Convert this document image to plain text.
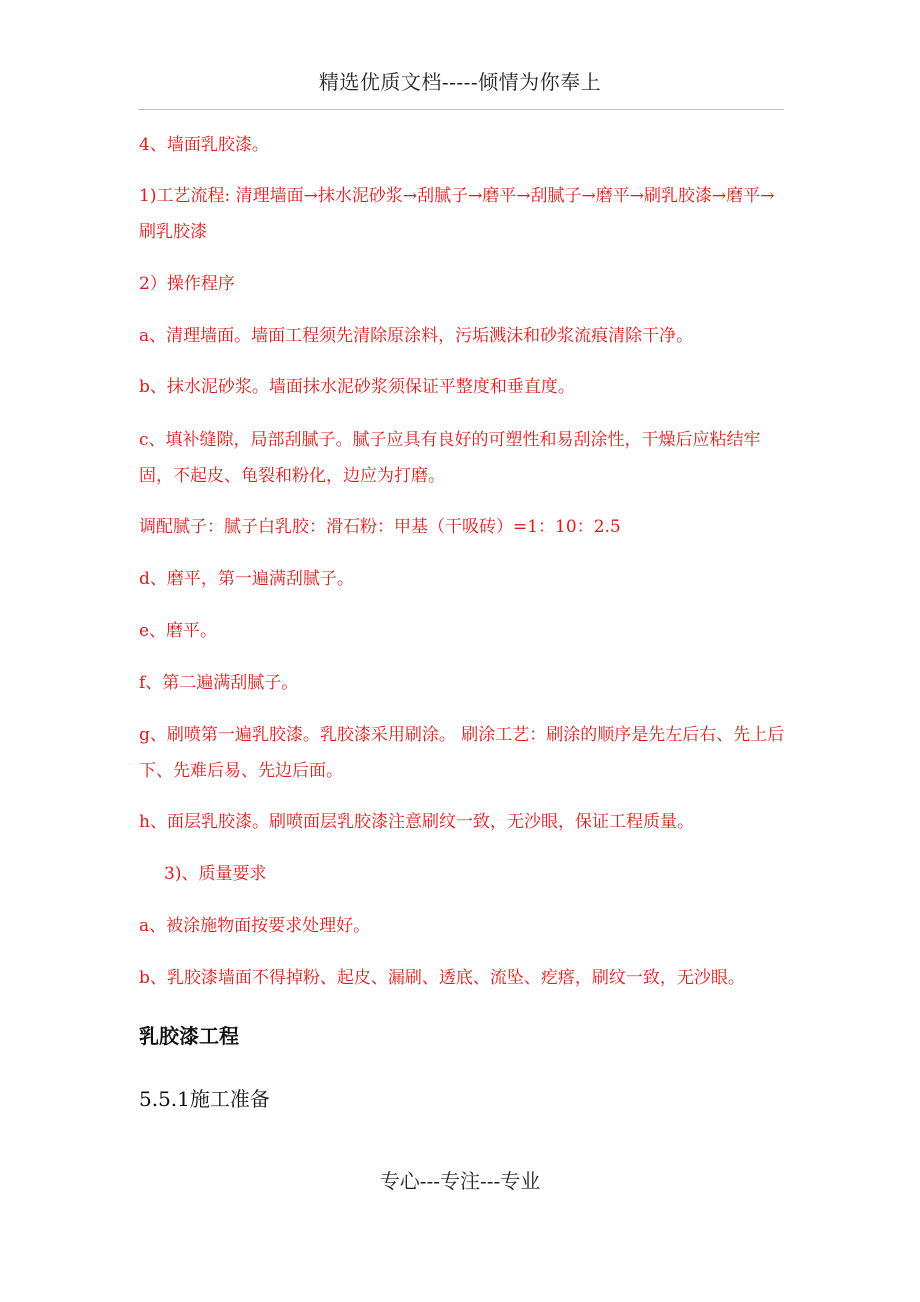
精选优质文档-----倾情为你奉上
4、墙面乳胶漆。
1)工艺流程: 清理墙面→抹水泥砂浆→刮腻子→磨平→刮腻子→磨平→刷乳胶漆→磨平→刷乳胶漆
2）操作程序
a、清理墙面。墙面工程须先清除原涂料，污垢溅沫和砂浆流痕清除干净。
b、抹水泥砂浆。墙面抹水泥砂浆须保证平整度和垂直度。
c、填补缝隙，局部刮腻子。腻子应具有良好的可塑性和易刮涂性，干燥后应粘结牢固，不起皮、龟裂和粉化，边应为打磨。
调配腻子：腻子白乳胶：滑石粉：甲基（干吸砖）=1：10：2.5
d、磨平，第一遍满刮腻子。
e、磨平。
f、第二遍满刮腻子。
g、刷喷第一遍乳胶漆。乳胶漆采用刷涂。 刷涂工艺：刷涂的顺序是先左后右、先上后下、先难后易、先边后面。
h、面层乳胶漆。刷喷面层乳胶漆注意刷纹一致，无沙眼，保证工程质量。
3)、质量要求
a、被涂施物面按要求处理好。
b、乳胶漆墙面不得掉粉、起皮、漏刷、透底、流坠、疙瘩，刷纹一致，无沙眼。
乳胶漆工程
5.5.1施工准备
专心---专注---专业
